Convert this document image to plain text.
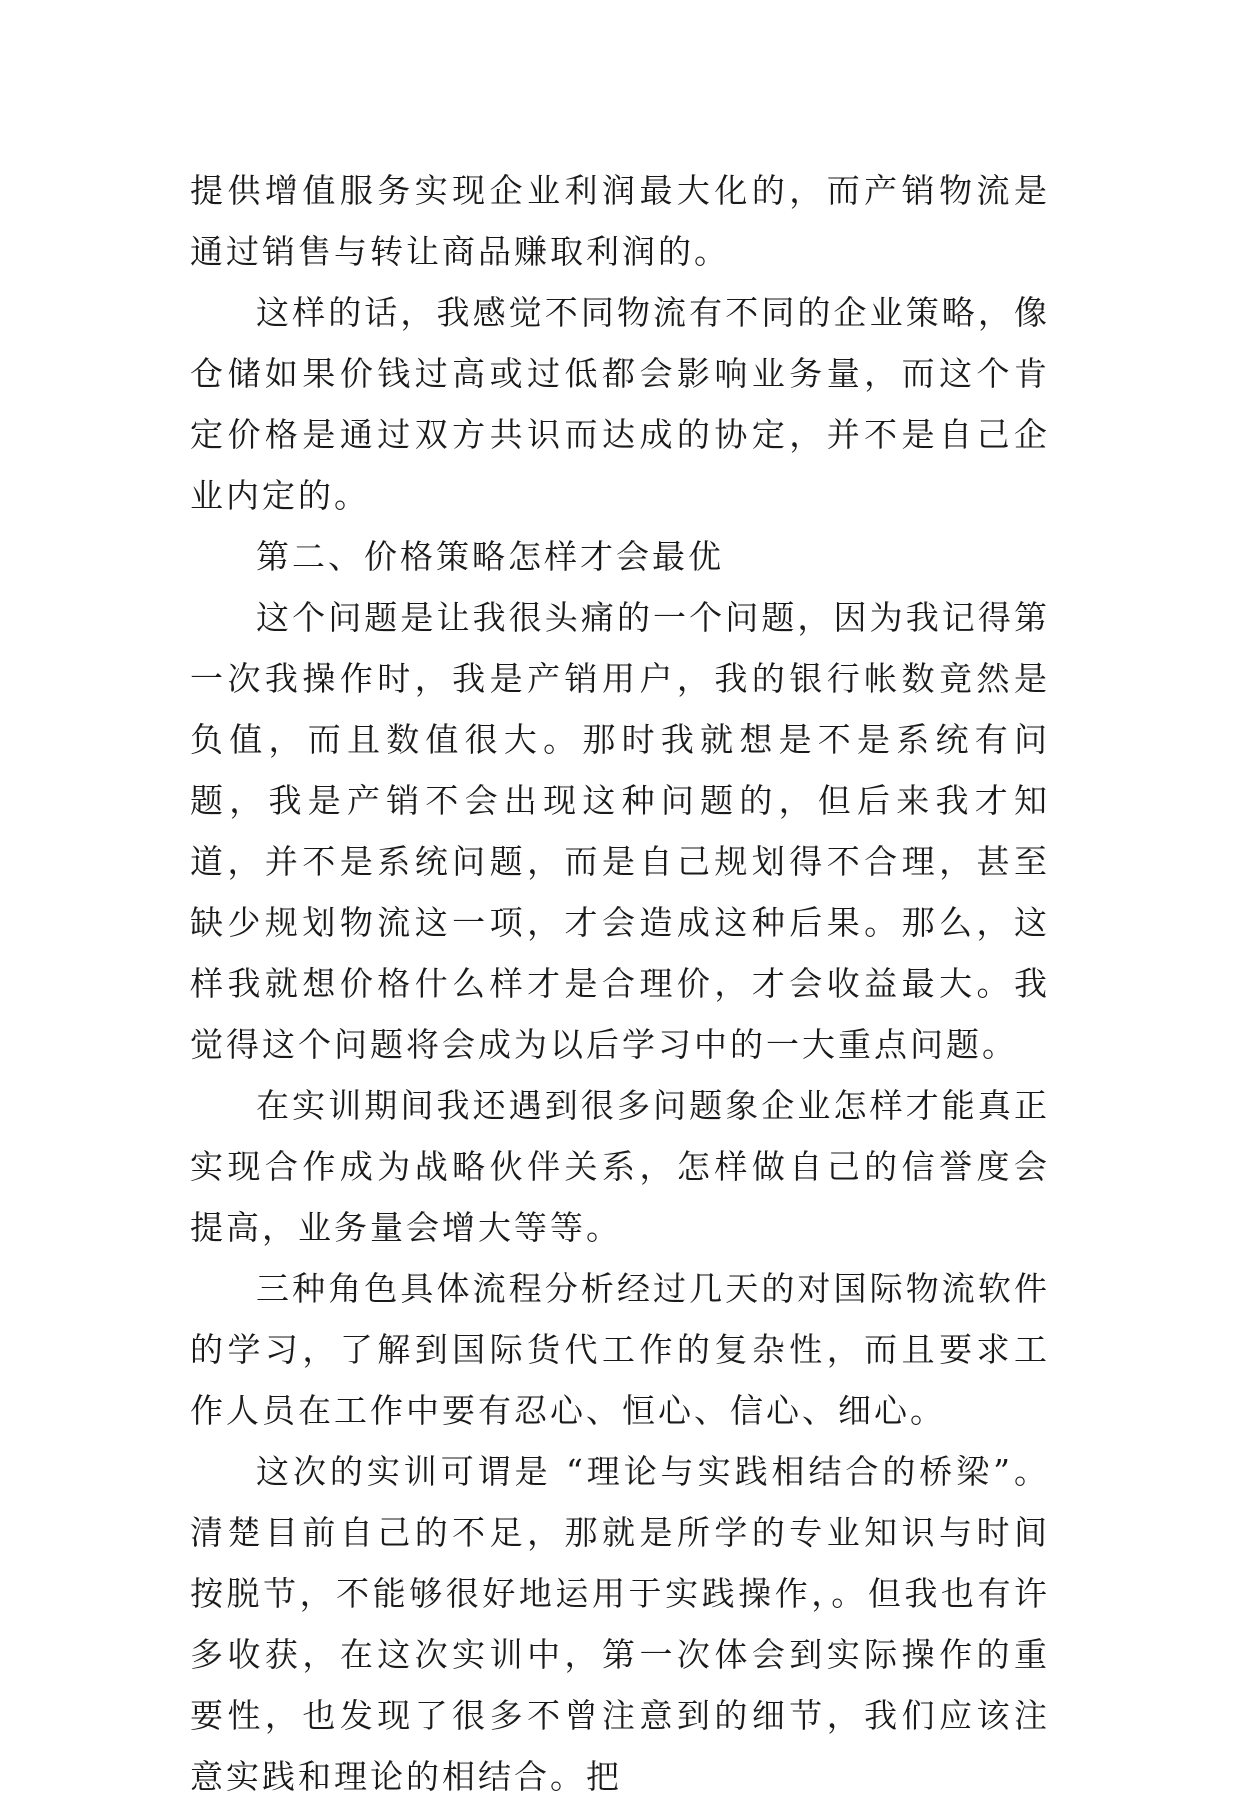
提供增值服务实现企业利润最大化的，而产销物流是通过销售与转让商品赚取利润的。

这样的话，我感觉不同物流有不同的企业策略，像仓储如果价钱过高或过低都会影响业务量，而这个肯定价格是通过双方共识而达成的协定，并不是自己企业内定的。

第二、价格策略怎样才会最优

这个问题是让我很头痛的一个问题，因为我记得第一次我操作时，我是产销用户，我的银行帐数竟然是负值，而且数值很大。那时我就想是不是系统有问题，我是产销不会出现这种问题的，但后来我才知道，并不是系统问题，而是自己规划得不合理，甚至缺少规划物流这一项，才会造成这种后果。那么，这样我就想价格什么样才是合理价，才会收益最大。我觉得这个问题将会成为以后学习中的一大重点问题。

在实训期间我还遇到很多问题象企业怎样才能真正实现合作成为战略伙伴关系，怎样做自己的信誉度会提高，业务量会增大等等。

三种角色具体流程分析经过几天的对国际物流软件的学习，了解到国际货代工作的复杂性，而且要求工作人员在工作中要有忍心、恒心、信心、细心。

这次的实训可谓是 “理论与实践相结合的桥梁”。 清楚目前自己的不足，那就是所学的专业知识与时间按脱节，不能够很好地运用于实践操作，。但我也有许多收获，在这次实训中，第一次体会到实际操作的重要性，也发现了很多不曾注意到的细节，我们应该注意实践和理论的相结合。把
